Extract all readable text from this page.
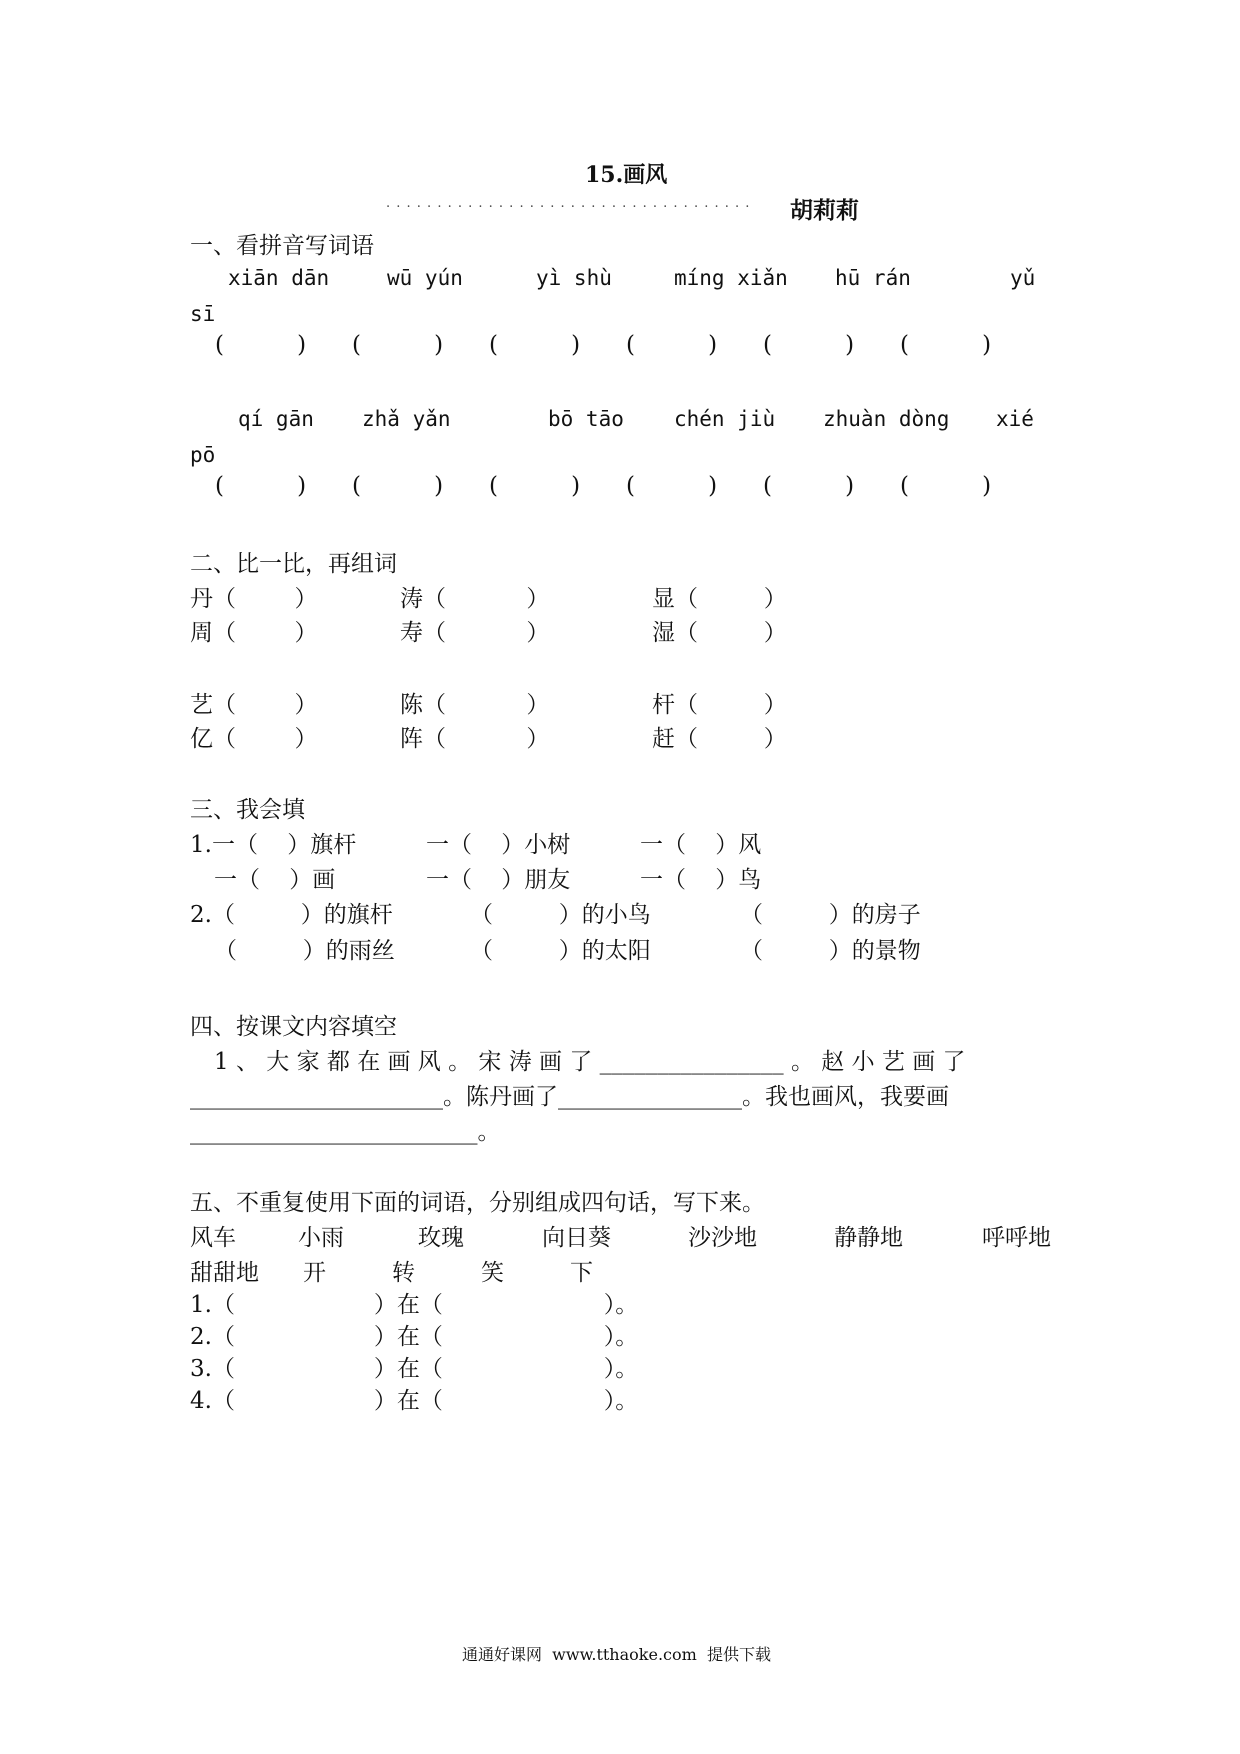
15.画风
. . . . . . . . . . . . . . . . . . . . . . . . . . . . . . . . . . . . 胡莉莉
一、看拼音写词语
xiān dān	wū yún	yì shù	míng xiǎn hū rán	yǔ
sī
(          ) (          ) (          ) (          ) (          ) (          )
qí gān zhǎ yǎn	bō tāo chén jiù zhuàn dòng xié
pō
(          ) (          ) (          ) (          ) (          ) (          )
二、比一比，再组词
丹（        ）	涛（           ）	显（         ）
周（        ）	寿（           ）	湿（         ）
艺（        ）	陈（           ）	杆（         ）
亿（        ）	阵（           ）	赶（         ）
三、我会填
1.一（    ）旗杆	一（    ）小树	一（    ）风
一（    ）画	一（    ）朋友	一（    ）鸟
2.（         ）的旗杆	（         ）的小鸟	（         ）的房子
（         ）的雨丝	（         ）的太阳	（         ）的景物
四、按课文内容填空
1 、 大 家 都 在 画 风 。 宋 涛 画 了 ________________ 。 赵 小 艺 画 了
______________________。陈丹画了________________。我也画风，我要画
_________________________。
五、不重复使用下面的词语，分别组成四句话，写下来。
风车	小雨	玫瑰	向日葵	沙沙地	静静地	呼呼地
甜甜地 开	转	笑	下
1.（                   ）在（                      ）。
2.（                   ）在（                      ）。
3.（                   ）在（                      ）。
4.（                   ）在（                      ）。
通通好课网  www.tthaoke.com  提供下载
